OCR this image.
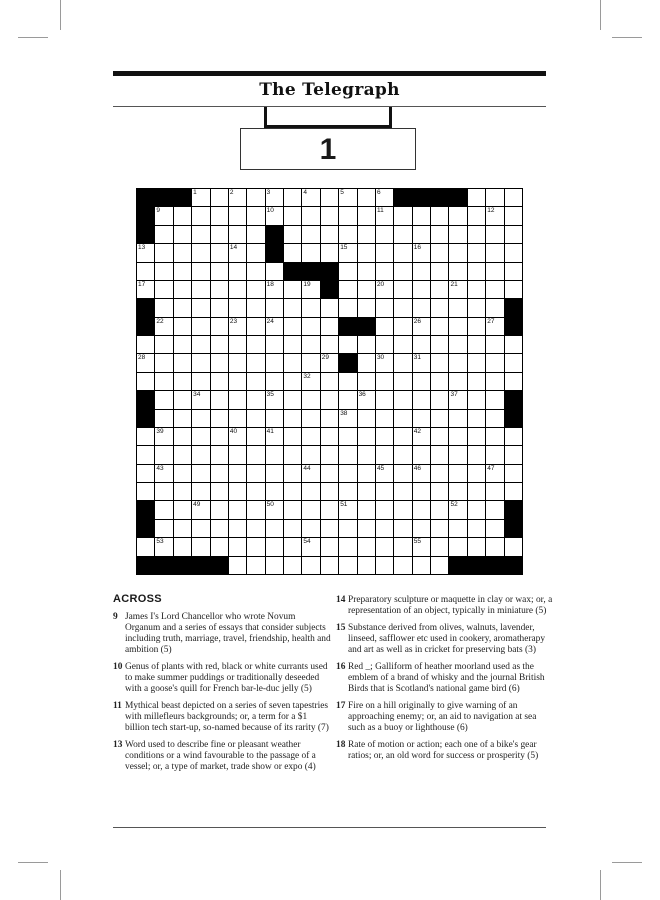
The Telegraph
1
1	2	3	4	5	6
9	10	11	12
13	14	15	16
17	18	19	20	21
22	23	24	26	27
28	29	30	31
32
34	35	36	37
38
39	40	41	42
43	44	45	46	47
49	50	51	52
53	54	55
ACROSS
9 James I's Lord Chancellor who wrote Novum Organum and a series of essays that consider subjects including truth, marriage, travel, friendship, health and ambition (5)
10 Genus of plants with red, black or white currants used to make summer puddings or traditionally deseeded with a goose's quill for French bar-le-duc jelly (5)
11 Mythical beast depicted on a series of seven tapestries with millefleurs backgrounds; or, a term for a $1 billion tech start-up, so-named because of its rarity (7)
13 Word used to describe fine or pleasant weather conditions or a wind favourable to the passage of a vessel; or, a type of market, trade show or expo (4)
14 Preparatory sculpture or maquette in clay or wax; or, a representation of an object, typically in miniature (5)
15 Substance derived from olives, walnuts, lavender, linseed, safflower etc used in cookery, aromatherapy and art as well as in cricket for preserving bats (3)
16 Red _; Galliform of heather moorland used as the emblem of a brand of whisky and the journal British Birds that is Scotland's national game bird (6)
17 Fire on a hill originally to give warning of an approaching enemy; or, an aid to navigation at sea such as a buoy or lighthouse (6)
18 Rate of motion or action; each one of a bike's gear ratios; or, an old word for success or prosperity (5)
